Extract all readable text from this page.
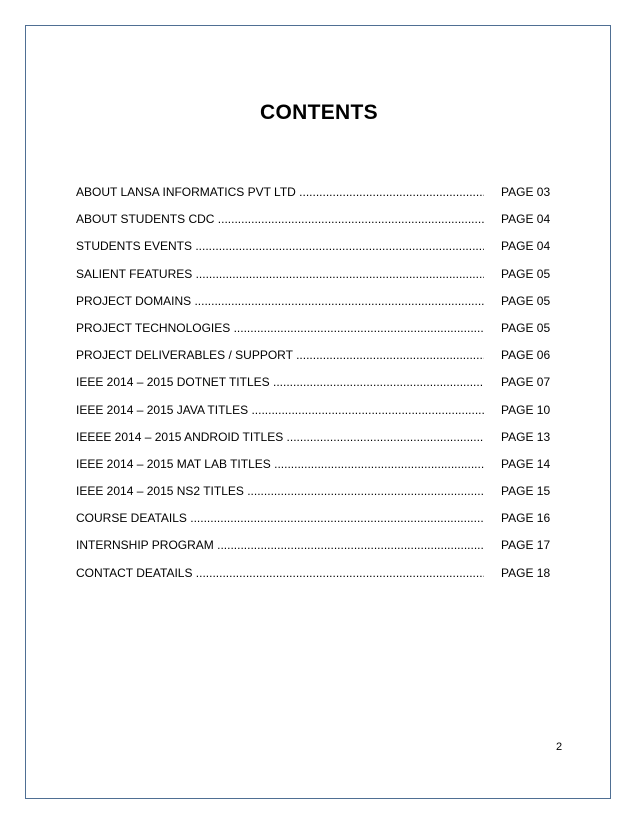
CONTENTS
ABOUT LANSA INFORMATICS PVT LTD .....	PAGE 03
ABOUT STUDENTS CDC .....	PAGE 04
STUDENTS EVENTS .....	PAGE 04
SALIENT FEATURES .....	PAGE 05
PROJECT DOMAINS .....	PAGE 05
PROJECT TECHNOLOGIES .....	PAGE 05
PROJECT DELIVERABLES / SUPPORT .....	PAGE 06
IEEE 2014 – 2015 DOTNET TITLES .....	PAGE 07
IEEE 2014 – 2015 JAVA TITLES .....	PAGE 10
IEEEE 2014 – 2015 ANDROID TITLES .....	PAGE 13
IEEE 2014 – 2015 MAT LAB TITLES .....	PAGE 14
IEEE 2014 – 2015 NS2 TITLES .....	PAGE 15
COURSE DEATAILS .....	PAGE 16
INTERNSHIP PROGRAM .....	PAGE 17
CONTACT DEATAILS .....	PAGE 18
2
